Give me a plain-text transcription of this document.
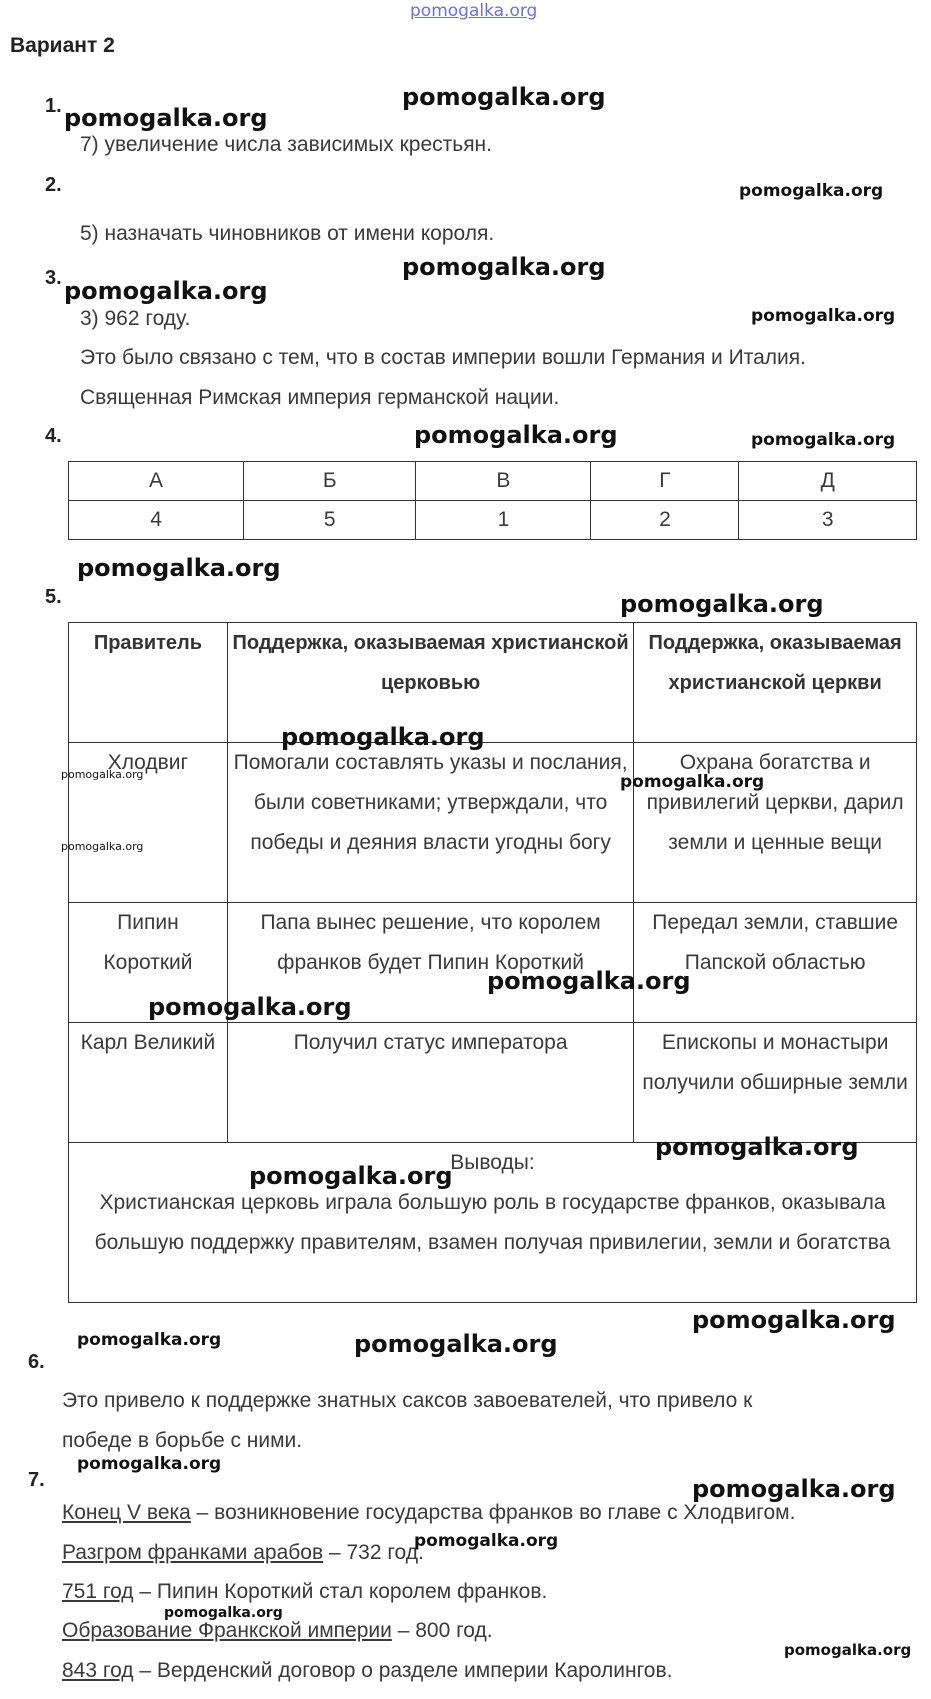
pomogalka.org
Вариант 2
1.
7) увеличение числа зависимых крестьян.
2.
5) назначать чиновников от имени короля.
3.
3) 962 году.
Это было связано с тем, что в состав империи вошли Германия и Италия.
Священная Римская империя германской нации.
4.
А	Б	В	Г	Д
4	5	1	2	3
5.
Правитель	Поддержка, оказываемая христианской церковью	Поддержка, оказываемая христианской церкви
Хлодвиг	Помогали составлять указы и послания, были советниками; утверждали, что победы и деяния власти угодны богу	Охрана богатства и привилегий церкви, дарил земли и ценные вещи
Пипин Короткий	Папа вынес решение, что королем франков будет Пипин Короткий	Передал земли, ставшие Папской областью
Карл Великий	Получил статус императора	Епископы и монастыри получили обширные земли

Выводы:
Христианская церковь играла большую роль в государстве франков, оказывала большую поддержку правителям, взамен получая привилегии, земли и богатства		
6.
Это привело к поддержке знатных саксов завоевателей, что привело к
победе в борьбе с ними.
7.
Конец V века – возникновение государства франков во главе с Хлодвигом.
Разгром франками арабов – 732 год.
751 год – Пипин Короткий стал королем франков.
Образование Франкской империи – 800 год.
843 год – Верденский договор о разделе империи Каролингов.
pomogalka.org
pomogalka.org
pomogalka.org
pomogalka.org
pomogalka.org
pomogalka.org
pomogalka.org	pomogalka.org
pomogalka.org
pomogalka.org
pomogalka.org
pomogalka.org	pomogalka.org
pomogalka.org
pomogalka.org
pomogalka.org
pomogalka.org
pomogalka.org
pomogalka.org
pomogalka.org	pomogalka.org
pomogalka.org
pomogalka.org
pomogalka.org
pomogalka.org
pomogalka.org
